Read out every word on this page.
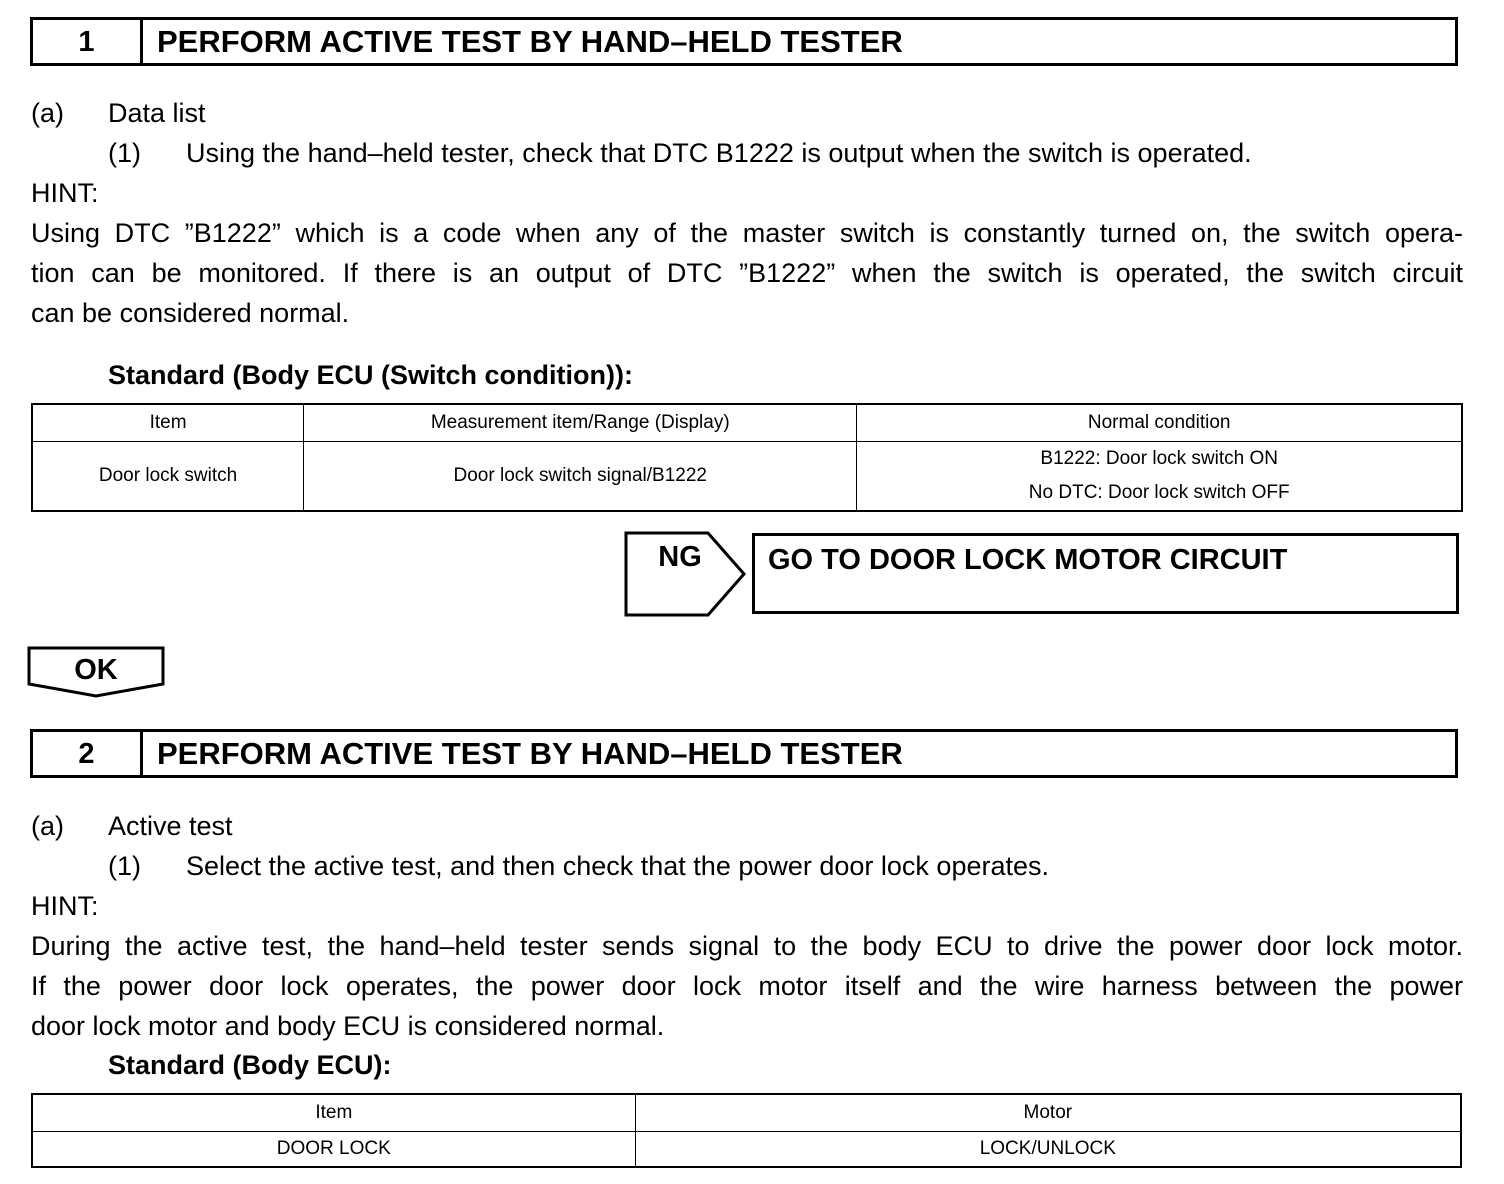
1	PERFORM ACTIVE TEST BY HAND–HELD TESTER
(a) Data list
(1) Using the hand–held tester, check that DTC B1222 is output when the switch is operated.
HINT:
Using DTC ”B1222” which is a code when any of the master switch is constantly turned on, the switch opera-
tion can be monitored. If there is an output of DTC ”B1222” when the switch is operated, the switch circuit
can be considered normal.
Standard (Body ECU (Switch condition)):
Item	Measurement item/Range (Display)	Normal condition
Door lock switch	Door lock switch signal/B1222	B1222: Door lock switch ON
No DTC: Door lock switch OFF
NG	GO TO DOOR LOCK MOTOR CIRCUIT
OK
2	PERFORM ACTIVE TEST BY HAND–HELD TESTER
(a) Active test
(1) Select the active test, and then check that the power door lock operates.
HINT:
During the active test, the hand–held tester sends signal to the body ECU to drive the power door lock motor.
If the power door lock operates, the power door lock motor itself and the wire harness between the power
door lock motor and body ECU is considered normal.
Standard (Body ECU):
Item	Motor
DOOR LOCK	LOCK/UNLOCK
